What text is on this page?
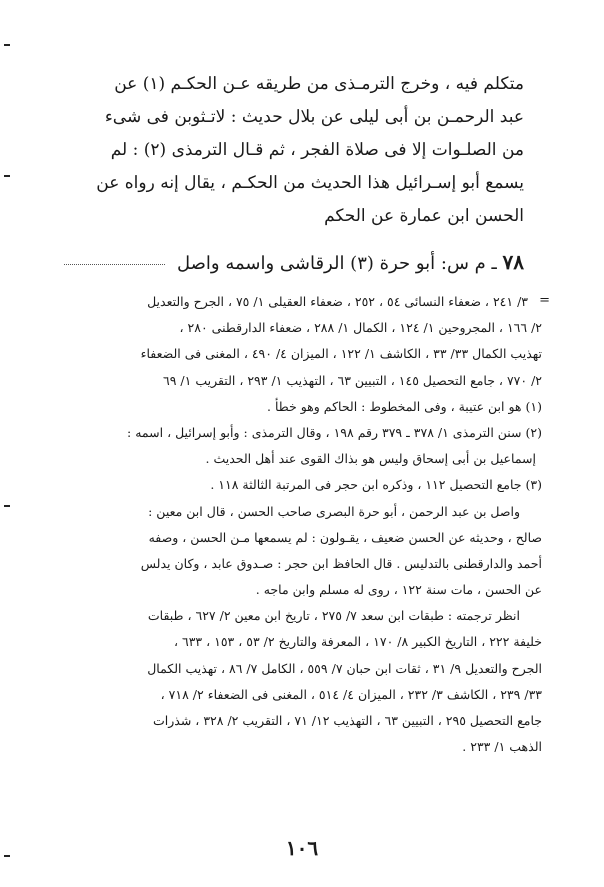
متكلم فيه ، وخرج الترمـذى من طريقه عـن الحكـم (١) عن
عبد الرحمـن بن أبى ليلى عن بلال حديث : لاتـثوبن فى شىء
من الصلـوات إلا فى صلاة الفجر ، ثم قـال الترمذى (٢) : لم
يسمع أبو إسـرائيل هذا الحديث من الحكـم ، يقال إنه رواه عن
الحسن ابن عمارة عن الحكم
٧٨ ـ م س: أبو حرة (٣) الرقاشى واسمه واصل
=
٣/ ٢٤١ ، ضعفاء النسائى ٥٤ ، ٢٥٢ ، ضعفاء العقيلى ١/ ٧٥ ، الجرح والتعديل
٢/ ١٦٦ ، المجروحين ١/ ١٢٤ ، الكمال ١/ ٢٨٨ ، ضعفاء الدارقطنى ٢٨٠ ،
تهذيب الكمال ٣٣/ ٣٣ ، الكاشف ١/ ١٢٢ ، الميزان ٤/ ٤٩٠ ، المغنى فى الضعفاء
٢/ ٧٧٠ ، جامع التحصيل ١٤٥ ، التبيين ٦٣ ، التهذيب ١/ ٢٩٣ ، التقريب ١/ ٦٩
(١) هو ابن عتيبة ، وفى المخطوط : الحاكم وهو خطأ .
(٢) سنن الترمذى ١/ ٣٧٨ ـ ٣٧٩ رقم ١٩٨ ، وقال الترمذى : وأبو إسرائيل ، اسمه :
إسماعيل بن أبى إسحاق وليس هو بذاك القوى عند أهل الحديث .
(٣) جامع التحصيل ١١٢ ، وذكره ابن حجر فى المرتبة الثالثة ١١٨ .
واصل بن عبد الرحمن ، أبو حرة البصرى صاحب الحسن ، قال ابن معين :
صالح ، وحديثه عن الحسن ضعيف ، يقـولون : لم يسمعها مـن الحسن ، وصفه
أحمد والدارقطنى بالتدليس . قال الحافظ ابن حجر : صـدوق عابد ، وكان يدلس
عن الحسن ، مات سنة ١٢٢ ، روى له مسلم وابن ماجه .
انظر ترجمته : طبقات ابن سعد ٧/ ٢٧٥ ، تاريخ ابن معين ٢/ ٦٢٧ ، طبقات
خليفة ٢٢٢ ، التاريخ الكبير ٨/ ١٧٠ ، المعرفة والتاريخ ٢/ ٥٣ ، ١٥٣ ، ٦٣٣ ،
الجرح والتعديل ٩/ ٣١ ، ثقات ابن حبان ٧/ ٥٥٩ ، الكامل ٧/ ٨٦ ، تهذيب الكمال
٣٣/ ٢٣٩ ، الكاشف ٣/ ٢٣٢ ، الميزان ٤/ ٥١٤ ، المغنى فى الضعفاء ٢/ ٧١٨ ،
جامع التحصيل ٢٩٥ ، التبيين ٦٣ ، التهذيب ١٢/ ٧١ ، التقريب ٢/ ٣٢٨ ، شذرات
الذهب ١/ ٢٣٣ .
١٠٦
